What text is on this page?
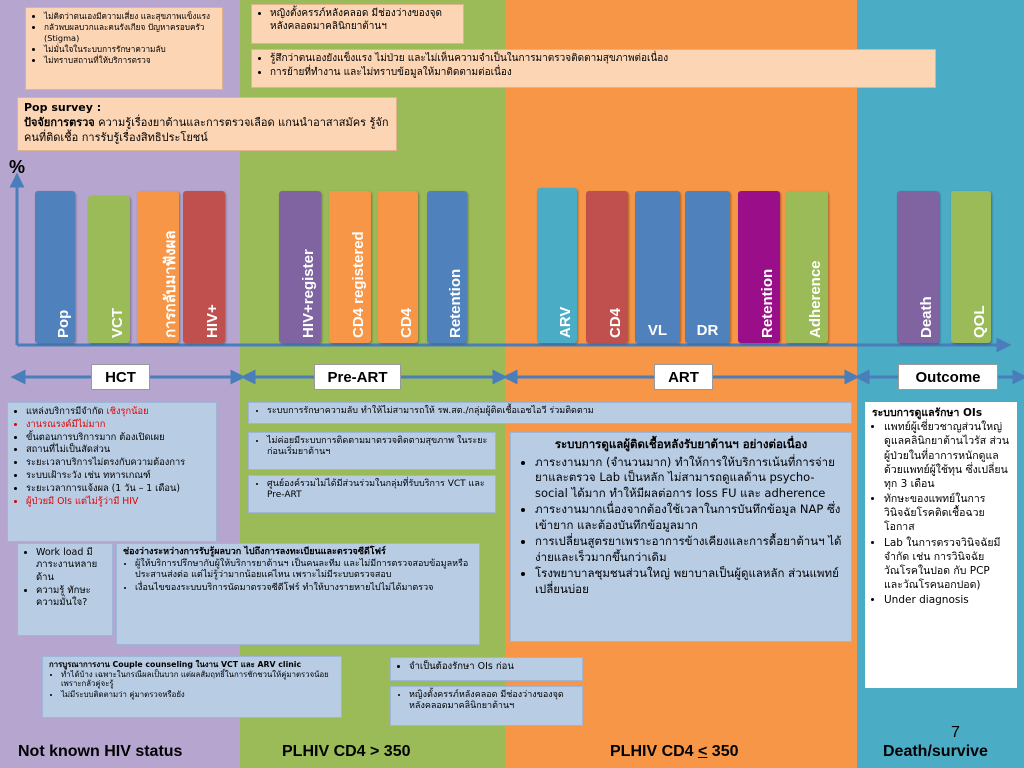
• ไม่คิดว่าตนเองมีความเสี่ยง และสุขภาพแข็งแรง
• กลัวพบผลบวกและคนรังเกียจ ปัญหาครอบครัว (Stigma)
• ไม่มั่นใจในระบบการรักษาความลับ
• ไม่ทราบสถานที่ให้บริการตรวจ
• หญิงตั้งครรภ์หลังคลอด มีช่องว่างของจุดหลังคลอดมาคลินิกยาต้านฯ
• รู้สึกว่าตนเองยังแข็งแรง ไม่ป่วย และไม่เห็นความจำเป็นในการมาตรวจติดตามสุขภาพต่อเนื่อง
• การย้ายที่ทำงาน และไม่ทราบข้อมูลให้มาติดตามต่อเนื่อง
Pop survey :
ปัจจัยการตรวจ ความรู้เรื่องยาต้านและการตรวจเลือด แกนนำอาสาสมัคร รู้จักคนที่ติดเชื้อ การรับรู้เรื่องสิทธิประโยชน์
%
Pop VCT การกลับมาฟังผล HIV+	HIV+register CD4 registered CD4 Retention	ARV CD4	VL	DR	Retention Adherence	Death QOL
HCT	Pre-ART	ART	Outcome
• แหล่งบริการมีจำกัด เชิงรุกน้อย
• งานรณรงค์มีไม่มาก
• ขั้นตอนการบริการมาก ต้องเปิดเผย
• สถานที่ไม่เป็นสัดส่วน
• ระยะเวลาบริการไม่ตรงกับความต้องการ
• ระบบเฝ้าระวัง เช่น ทหารเกณฑ์
• ระยะเวลาการแจ้งผล (1 วัน – 1 เดือน)
• ผู้ป่วยมี OIs แต่ไม่รู้ว่ามี HIV
• Work load มีภาระงานหลายด้าน
• ความรู้ ทักษะ ความมั่นใจ?
ช่องว่างระหว่างการรับรู้ผลบวก ไปถึงการลงทะเบียนและตรวจซีดีโฟร์
• ผู้ให้บริการปรึกษากับผู้ให้บริการยาต้านฯ เป็นคนละทีม และไม่มีการตรวจสอบข้อมูลหรือประสานส่งต่อ แต่ไม่รู้ว่ามากน้อยแค่ไหน เพราะไม่มีระบบตรวจสอบ
• เงื่อนไขของระบบบริการนัดมาตรวจซีดีโฟร์ ทำให้บางรายหายไปไม่ได้มาตรวจ
การบูรณาการงาน Couple counseling ในงาน VCT และ ARV clinic
• ทำได้บ้าง เฉพาะในกรณีผลเป็นบวก แต่ผลสัมฤทธิ์ในการชักชวนให้คู่มาตรวจน้อย เพราะกลัวคู่จะรู้
• ไม่มีระบบติดตามว่า คู่มาตรวจหรือยัง
• ระบบการรักษาความลับ ทำให้ไม่สามารถให้ รพ.สต./กลุ่มผู้ติดเชื้อเอชไอวี ร่วมติดตาม
• ไม่ค่อยมีระบบการติดตามมาตรวจติดตามสุขภาพ ในระยะก่อนเริ่มยาต้านฯ
• ศูนย์องค์รวมไม่ได้มีส่วนร่วมในกลุ่มที่รับบริการ VCT และ Pre-ART
• จำเป็นต้องรักษา OIs ก่อน
• หญิงตั้งครรภ์หลังคลอด มีช่องว่างของจุดหลังคลอดมาคลินิกยาต้านฯ
ระบบการดูแลผู้ติดเชื้อหลังรับยาต้านฯ อย่างต่อเนื่อง
• ภาระงานมาก (จำนวนมาก) ทำให้การให้บริการเน้นที่การจ่ายยาและตรวจ Lab เป็นหลัก ไม่สามารถดูแลด้าน psycho-social ได้มาก ทำให้มีผลต่อการ loss FU และ adherence
• ภาระงานมากเนื่องจากต้องใช้เวลาในการบันทึกข้อมูล NAP ซึ่งเข้ายาก และต้องบันทึกข้อมูลมาก
• การเปลี่ยนสูตรยาเพราะอาการข้างเคียงและการดื้อยาต้านฯ ได้ง่ายและเร็วมากขึ้นกว่าเดิม
• โรงพยาบาลชุมชนส่วนใหญ่ พยาบาลเป็นผู้ดูแลหลัก ส่วนแพทย์เปลี่ยนบ่อย
ระบบการดูแลรักษา OIs
• แพทย์ผู้เชี่ยวชาญส่วนใหญ่ดูแลคลินิกยาต้านไวรัส ส่วนผู้ป่วยในที่อาการหนักดูแลด้วยแพทย์ผู้ใช้ทุน ซึ่งเปลี่ยนทุก 3 เดือน
• ทักษะของแพทย์ในการวินิจฉัยโรคติดเชื้อฉวยโอกาส
• Lab ในการตรวจวินิจฉัยมีจำกัด เช่น การวินิจฉัยวัณโรคในปอด กับ PCP และวัณโรคนอกปอด)
• Under diagnosis
Not known HIV status	PLHIV CD4 > 350	PLHIV CD4 < 350	Death/survive
7
